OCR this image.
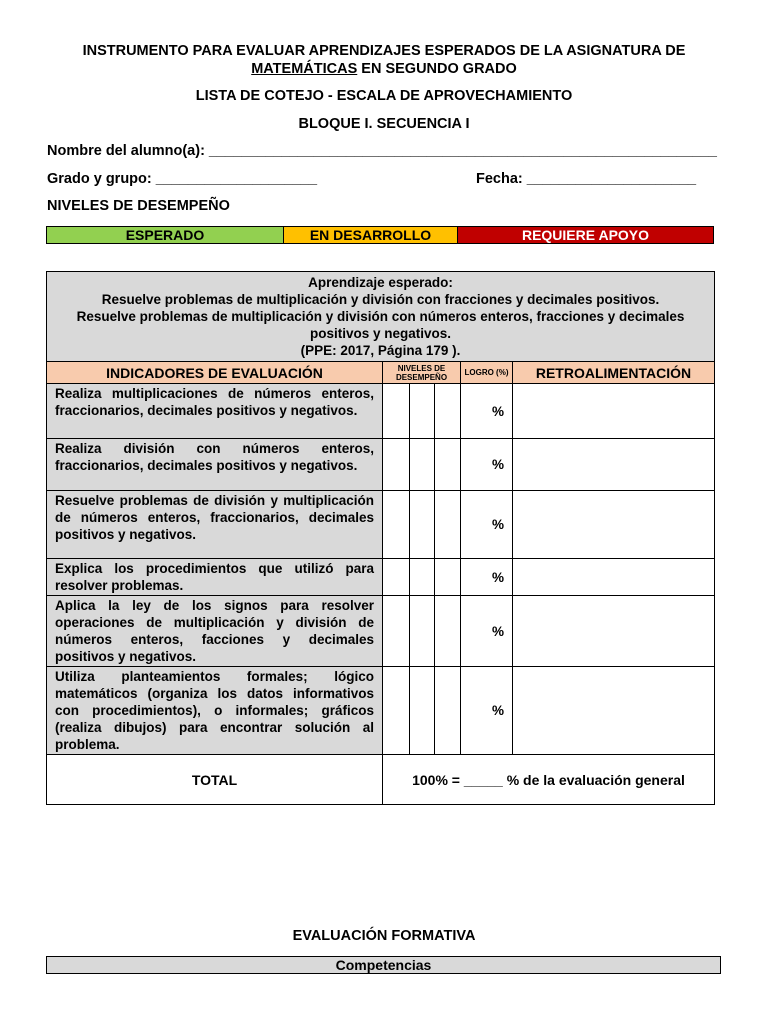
INSTRUMENTO PARA EVALUAR APRENDIZAJES ESPERADOS DE LA ASIGNATURA DE
MATEMÁTICAS EN SEGUNDO GRADO
LISTA DE COTEJO - ESCALA DE APROVECHAMIENTO
BLOQUE I. SECUENCIA I
Nombre del alumno(a): _______________________________________________________________
Grado y grupo: ____________________	Fecha: _____________________
NIVELES DE DESEMPEÑO
ESPERADO	EN DESARROLLO	REQUIERE APOYO
Aprendizaje esperado:
Resuelve problemas de multiplicación y división con fracciones y decimales positivos.
Resuelve problemas de multiplicación y división con números enteros, fracciones y decimales positivos y negativos.
(PPE: 2017, Página 179 ).					

INDICADORES DE EVALUACIÓN	NIVELES DE DESEMPEÑO			LOGRO (%)	RETROALIMENTACIÓN
Realiza multiplicaciones de números enteros, fraccionarios, decimales positivos y negativos.				%	
Realiza división con números enteros, fraccionarios, decimales positivos y negativos.				%	
Resuelve problemas de división y multiplicación de números enteros, fraccionarios, decimales positivos y negativos.				%	
Explica los procedimientos que utilizó para resolver problemas.				%	
Aplica la ley de los signos para resolver operaciones de multiplicación y división de números enteros, facciones y decimales positivos y negativos.				%	
Utiliza planteamientos formales; lógico matemáticos (organiza los datos informativos con procedimientos), o informales; gráficos (realiza dibujos) para encontrar solución al problema.				%	
TOTAL	100% = _____ % de la evaluación general				
EVALUACIÓN FORMATIVA
Competencias
